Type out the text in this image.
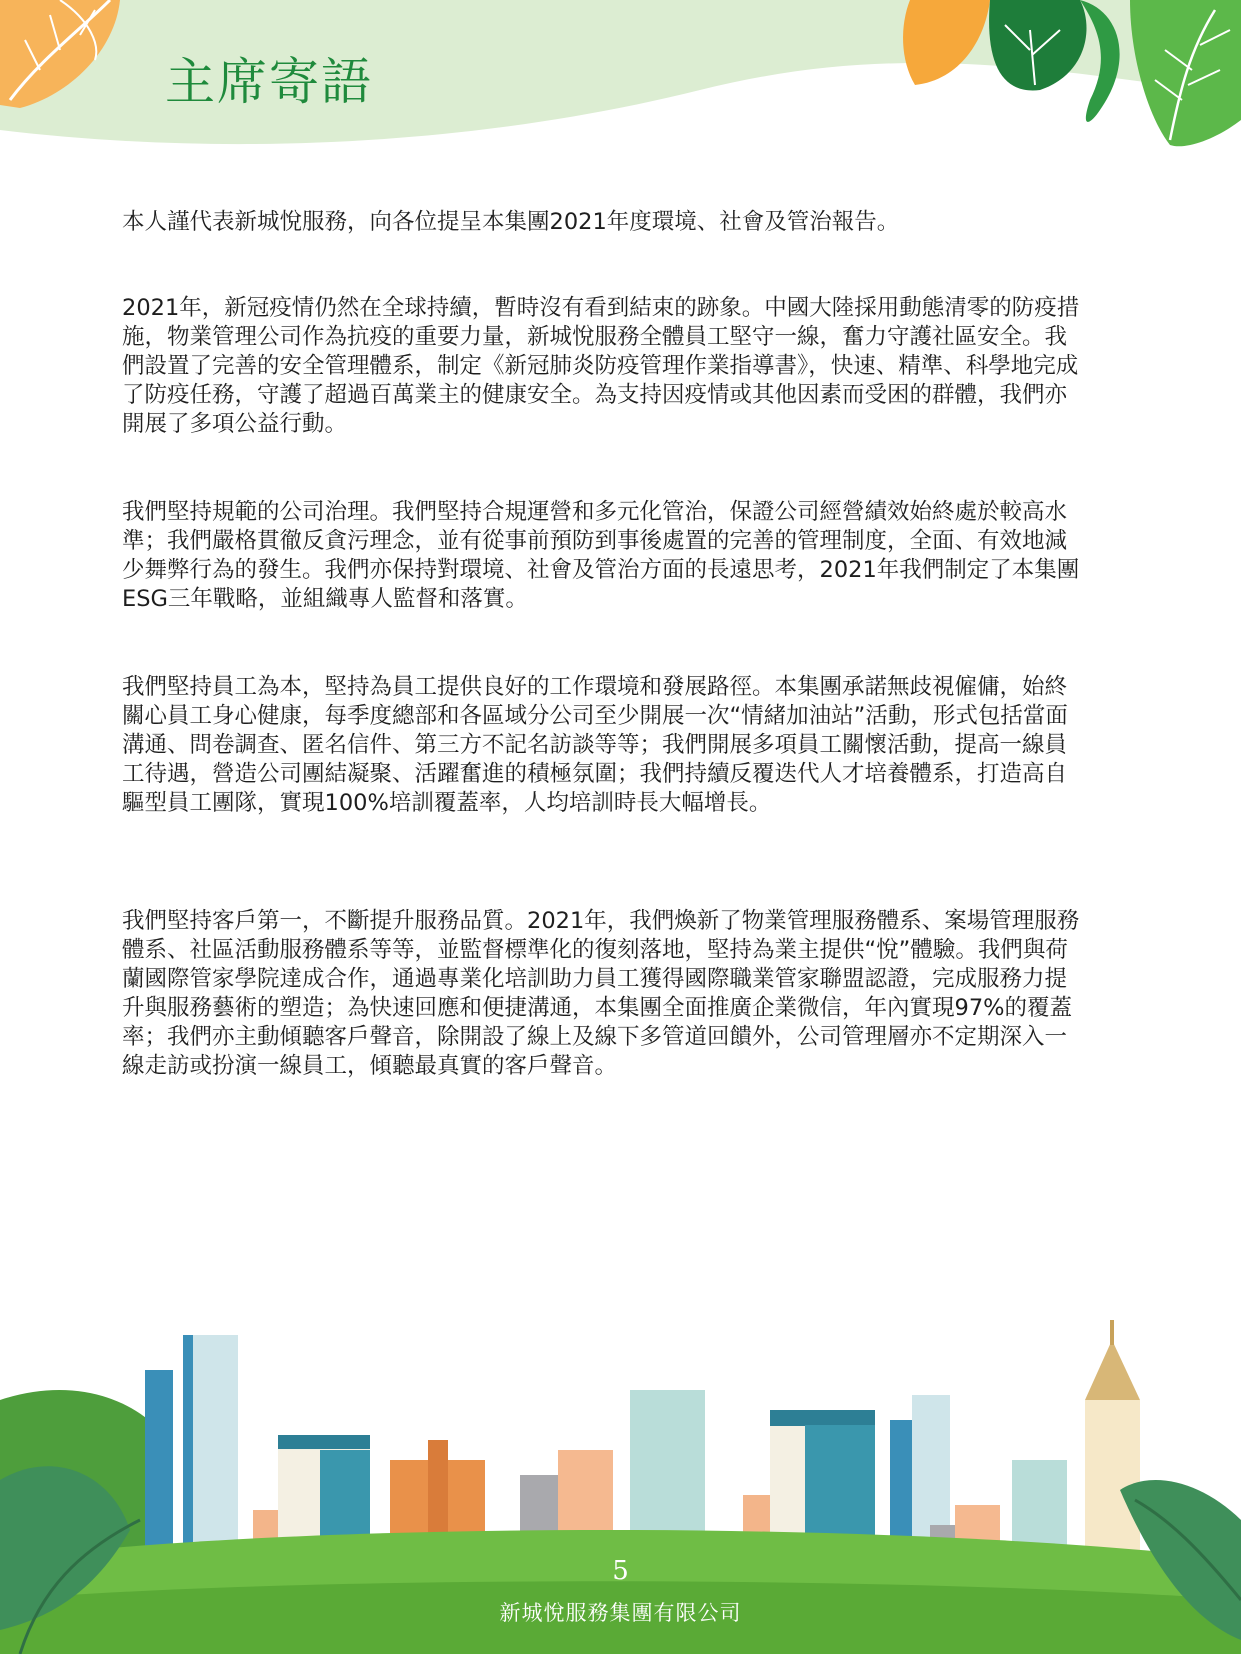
主席寄語

本人謹代表新城悅服務，向各位提呈本集團2021年度環境、社會及管治報告。

2021年，新冠疫情仍然在全球持續，暫時沒有看到結束的跡象。中國大陸採用動態清零的防疫措施，物業管理公司作為抗疫的重要力量，新城悅服務全體員工堅守一線，奮力守護社區安全。我們設置了完善的安全管理體系，制定《新冠肺炎防疫管理作業指導書》，快速、精準、科學地完成了防疫任務，守護了超過百萬業主的健康安全。為支持因疫情或其他因素而受困的群體，我們亦開展了多項公益行動。

我們堅持規範的公司治理。我們堅持合規運營和多元化管治，保證公司經營績效始終處於較高水準；我們嚴格貫徹反貪污理念，並有從事前預防到事後處置的完善的管理制度，全面、有效地減少舞弊行為的發生。我們亦保持對環境、社會及管治方面的長遠思考，2021年我們制定了本集團ESG三年戰略，並組織專人監督和落實。

我們堅持員工為本，堅持為員工提供良好的工作環境和發展路徑。本集團承諾無歧視僱傭，始終關心員工身心健康，每季度總部和各區域分公司至少開展一次“情緒加油站”活動，形式包括當面溝通、問卷調查、匿名信件、第三方不記名訪談等等；我們開展多項員工關懷活動，提高一線員工待遇，營造公司團結凝聚、活躍奮進的積極氛圍；我們持續反覆迭代人才培養體系，打造高自驅型員工團隊，實現100%培訓覆蓋率，人均培訓時長大幅增長。

我們堅持客戶第一，不斷提升服務品質。2021年，我們煥新了物業管理服務體系、案場管理服務體系、社區活動服務體系等等，並監督標準化的復刻落地，堅持為業主提供“悅”體驗。我們與荷蘭國際管家學院達成合作，通過專業化培訓助力員工獲得國際職業管家聯盟認證，完成服務力提升與服務藝術的塑造；為快速回應和便捷溝通，本集團全面推廣企業微信，年內實現97%的覆蓋率；我們亦主動傾聽客戶聲音，除開設了線上及線下多管道回饋外，公司管理層亦不定期深入一線走訪或扮演一線員工，傾聽最真實的客戶聲音。

5
新城悅服務集團有限公司
